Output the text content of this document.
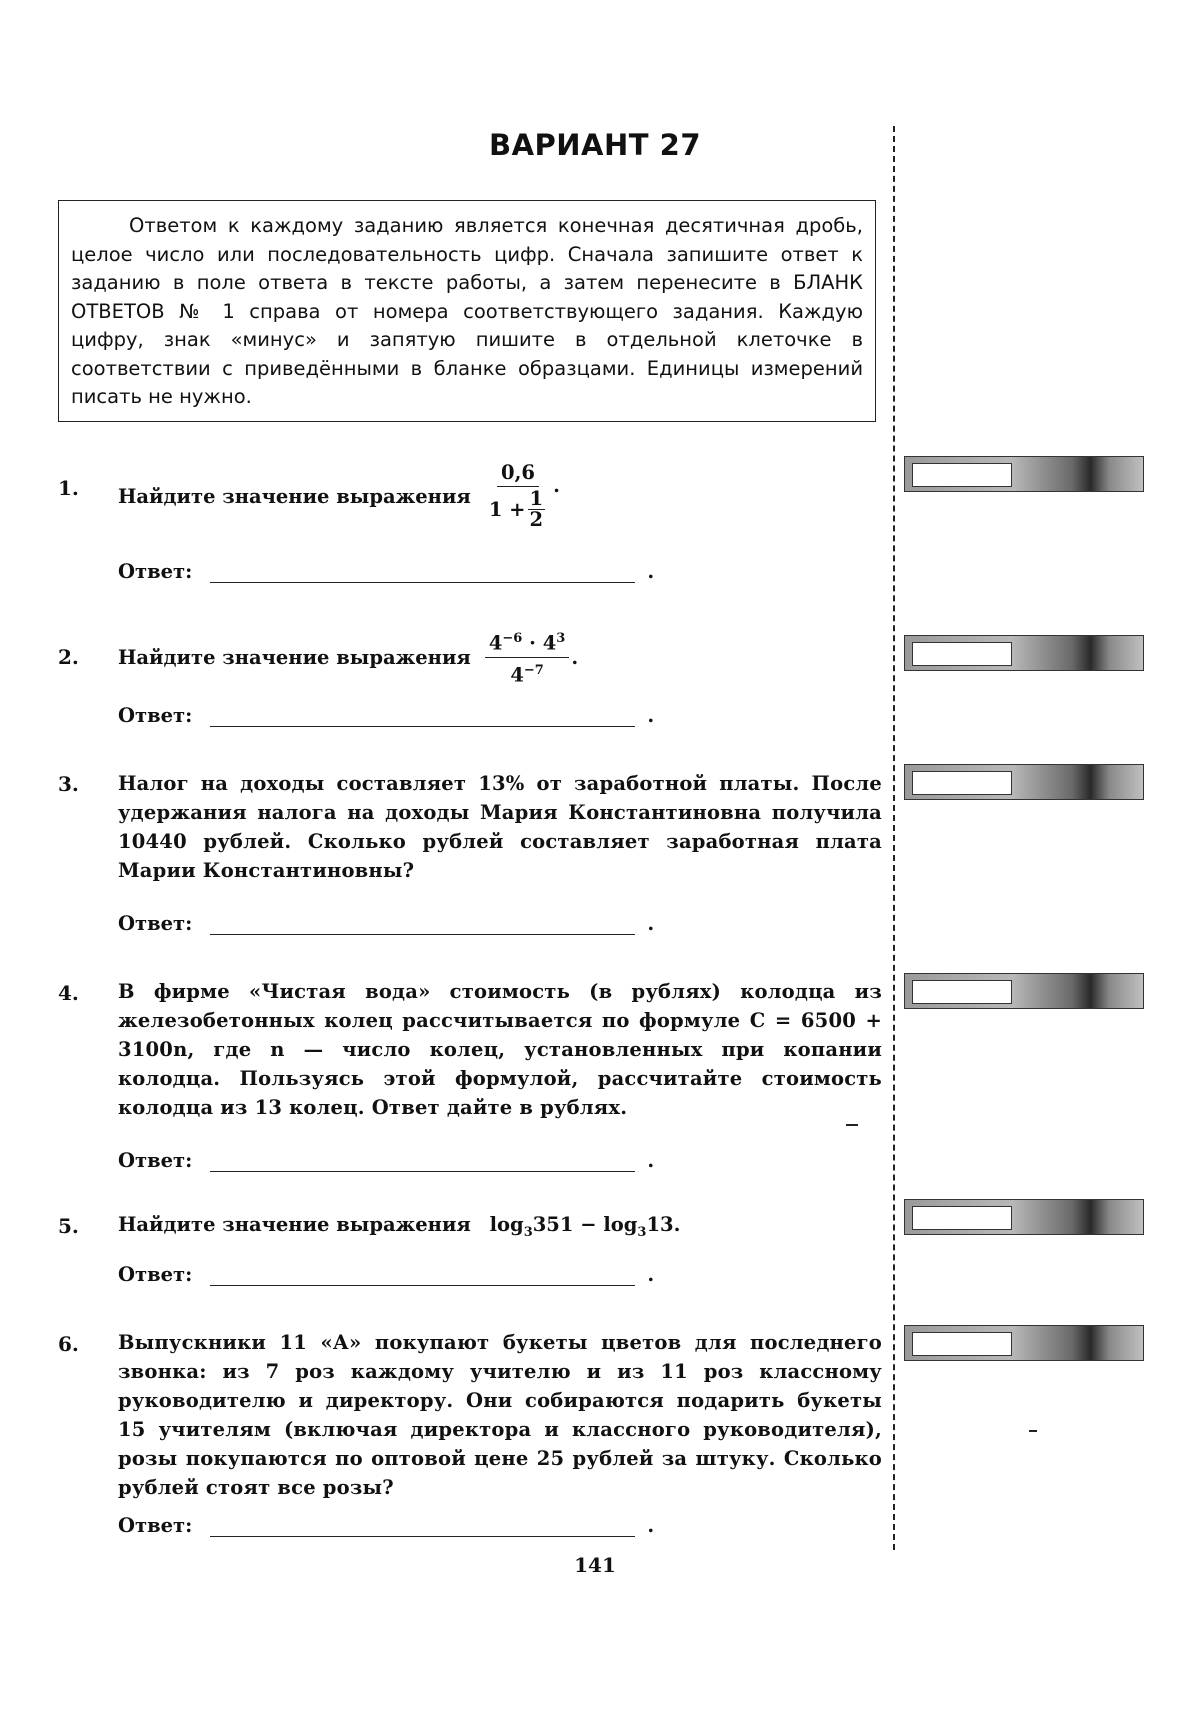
ВАРИАНТ 27
Ответом к каждому заданию является конечная десятичная дробь, целое число или последовательность цифр. Сначала запишите ответ к заданию в поле ответа в тексте работы, а затем перенесите в БЛАНК ОТВЕТОВ № 1 справа от номера соответствующего задания. Каждую цифру, знак «минус» и запятую пишите в отдельной клеточке в соответствии с приведёнными в бланке образцами. Единицы измерений писать не нужно.
1. Найдите значение выражения $\frac{0,6}{1 + \frac{1}{2}}$ .
Ответ:	.
2. Найдите значение выражения $\frac{4^{-6} \cdot 4^3}{4^{-7}}$ .
Ответ:	.
3. Налог на доходы составляет 13% от заработной платы. После удержания налога на доходы Мария Константиновна получила 10440 рублей. Сколько рублей составляет заработная плата Марии Константиновны?
Ответ:	.
4. В фирме «Чистая вода» стоимость (в рублях) колодца из железобетонных колец рассчитывается по формуле C = 6500 + 3100n, где n — число колец, установленных при копании колодца. Пользуясь этой формулой, рассчитайте стоимость колодца из 13 колец. Ответ дайте в рублях.
Ответ:	.
5. Найдите значение выражения $\log_3351 - \log_313$.
Ответ:	.
6. Выпускники 11 «А» покупают букеты цветов для последнего звонка: из 7 роз каждому учителю и из 11 роз классному руководителю и директору. Они собираются подарить букеты 15 учителям (включая директора и классного руководителя), розы покупаются по оптовой цене 25 рублей за штуку. Сколько рублей стоят все розы?
Ответ:	.
141
